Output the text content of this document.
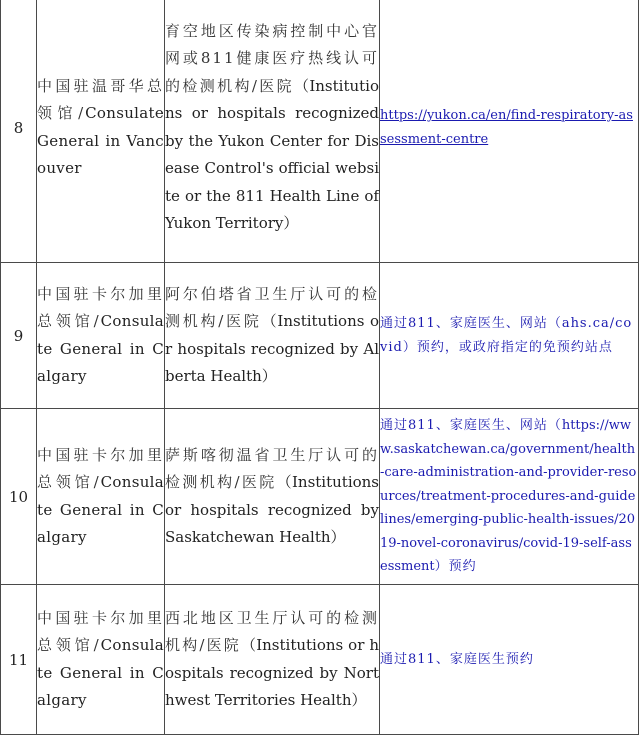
8	中国驻温哥华总领馆/Consulate General in Vancouver	育空地区传染病控制中心官网或811健康医疗热线认可的检测机构/医院（Institutions or hospitals recognized by the Yukon Center for Disease Control's official website or the 811 Health Line of Yukon Territory）	https://yukon.ca/en/find-respiratory-assessment-centre
9	中国驻卡尔加里总领馆/Consulate General in Calgary	阿尔伯塔省卫生厅认可的检测机构/医院（Institutions or hospitals recognized by Alberta Health）	通过811、家庭医生、网站（ahs.ca/covid）预约，或政府指定的免预约站点
10	中国驻卡尔加里总领馆/Consulate General in Calgary	萨斯喀彻温省卫生厅认可的检测机构/医院（Institutions or hospitals recognized by Saskatchewan Health）	通过811、家庭医生、网站（https://www.saskatchewan.ca/government/health-care-administration-and-provider-resources/treatment-procedures-and-guidelines/emerging-public-health-issues/2019-novel-coronavirus/covid-19-self-assessment）预约
11	中国驻卡尔加里总领馆/Consulate General in Calgary	西北地区卫生厅认可的检测机构/医院（Institutions or hospitals recognized by Northwest Territories Health）	通过811、家庭医生预约
